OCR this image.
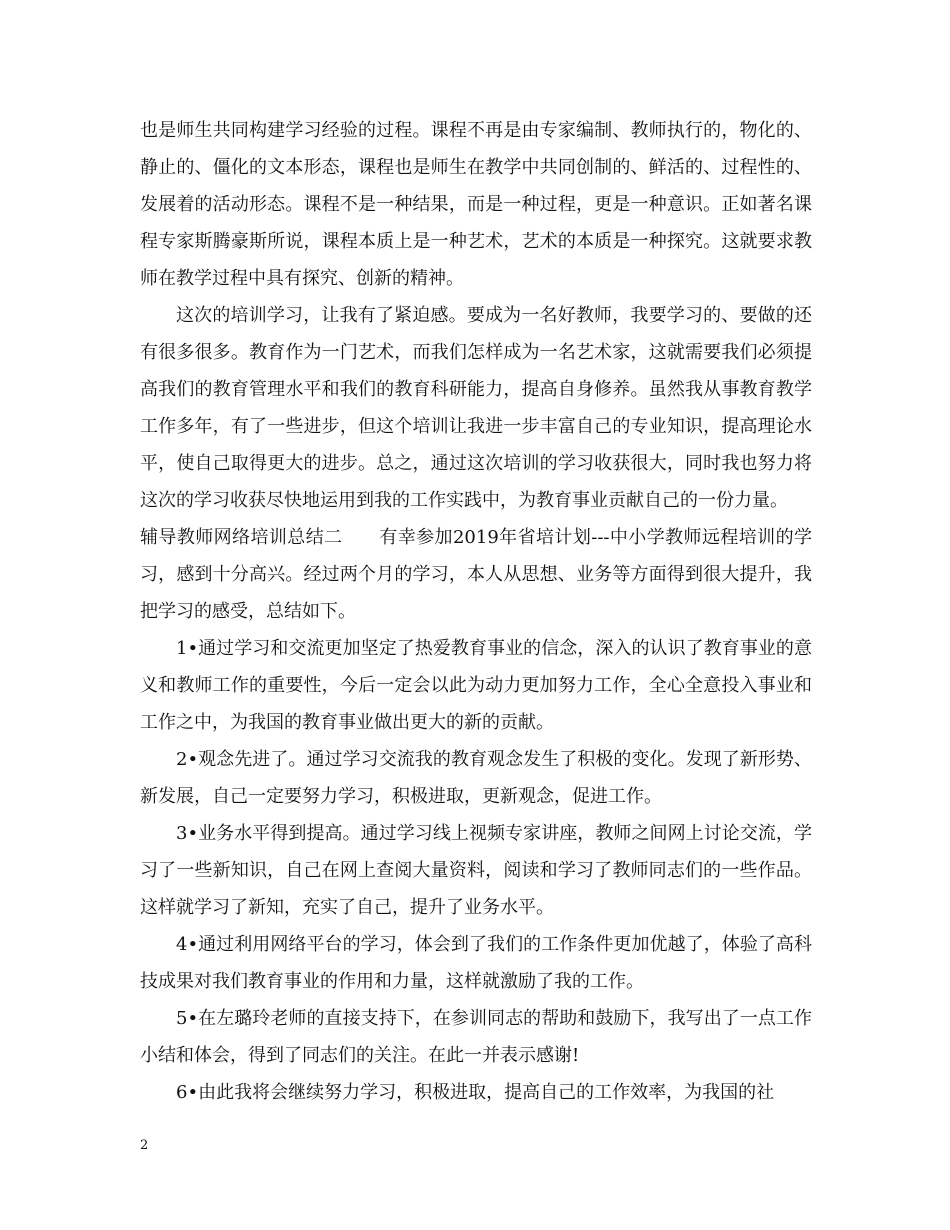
也是师生共同构建学习经验的过程。课程不再是由专家编制、教师执行的，物化的、静止的、僵化的文本形态，课程也是师生在教学中共同创制的、鲜活的、过程性的、发展着的活动形态。课程不是一种结果，而是一种过程，更是一种意识。正如著名课程专家斯腾豪斯所说，课程本质上是一种艺术，艺术的本质是一种探究。这就要求教师在教学过程中具有探究、创新的精神。

这次的培训学习，让我有了紧迫感。要成为一名好教师，我要学习的、要做的还有很多很多。教育作为一门艺术，而我们怎样成为一名艺术家，这就需要我们必须提高我们的教育管理水平和我们的教育科研能力，提高自身修养。虽然我从事教育教学工作多年，有了一些进步，但这个培训让我进一步丰富自己的专业知识，提高理论水平，使自己取得更大的进步。总之，通过这次培训的学习收获很大，同时我也努力将这次的学习收获尽快地运用到我的工作实践中，为教育事业贡献自己的一份力量。

辅导教师网络培训总结二　　有幸参加2019年省培计划---中小学教师远程培训的学习，感到十分高兴。经过两个月的学习，本人从思想、业务等方面得到很大提升，我把学习的感受，总结如下。

1•通过学习和交流更加坚定了热爱教育事业的信念，深入的认识了教育事业的意义和教师工作的重要性，今后一定会以此为动力更加努力工作，全心全意投入事业和工作之中，为我国的教育事业做出更大的新的贡献。

2•观念先进了。通过学习交流我的教育观念发生了积极的变化。发现了新形势、新发展，自己一定要努力学习，积极进取，更新观念，促进工作。

3•业务水平得到提高。通过学习线上视频专家讲座，教师之间网上讨论交流，学习了一些新知识，自己在网上查阅大量资料，阅读和学习了教师同志们的一些作品。这样就学习了新知，充实了自己，提升了业务水平。

4•通过利用网络平台的学习，体会到了我们的工作条件更加优越了，体验了高科技成果对我们教育事业的作用和力量，这样就激励了我的工作。

5•在左璐玲老师的直接支持下，在参训同志的帮助和鼓励下，我写出了一点工作小结和体会，得到了同志们的关注。在此一并表示感谢!

6•由此我将会继续努力学习，积极进取，提高自己的工作效率，为我国的社

2
